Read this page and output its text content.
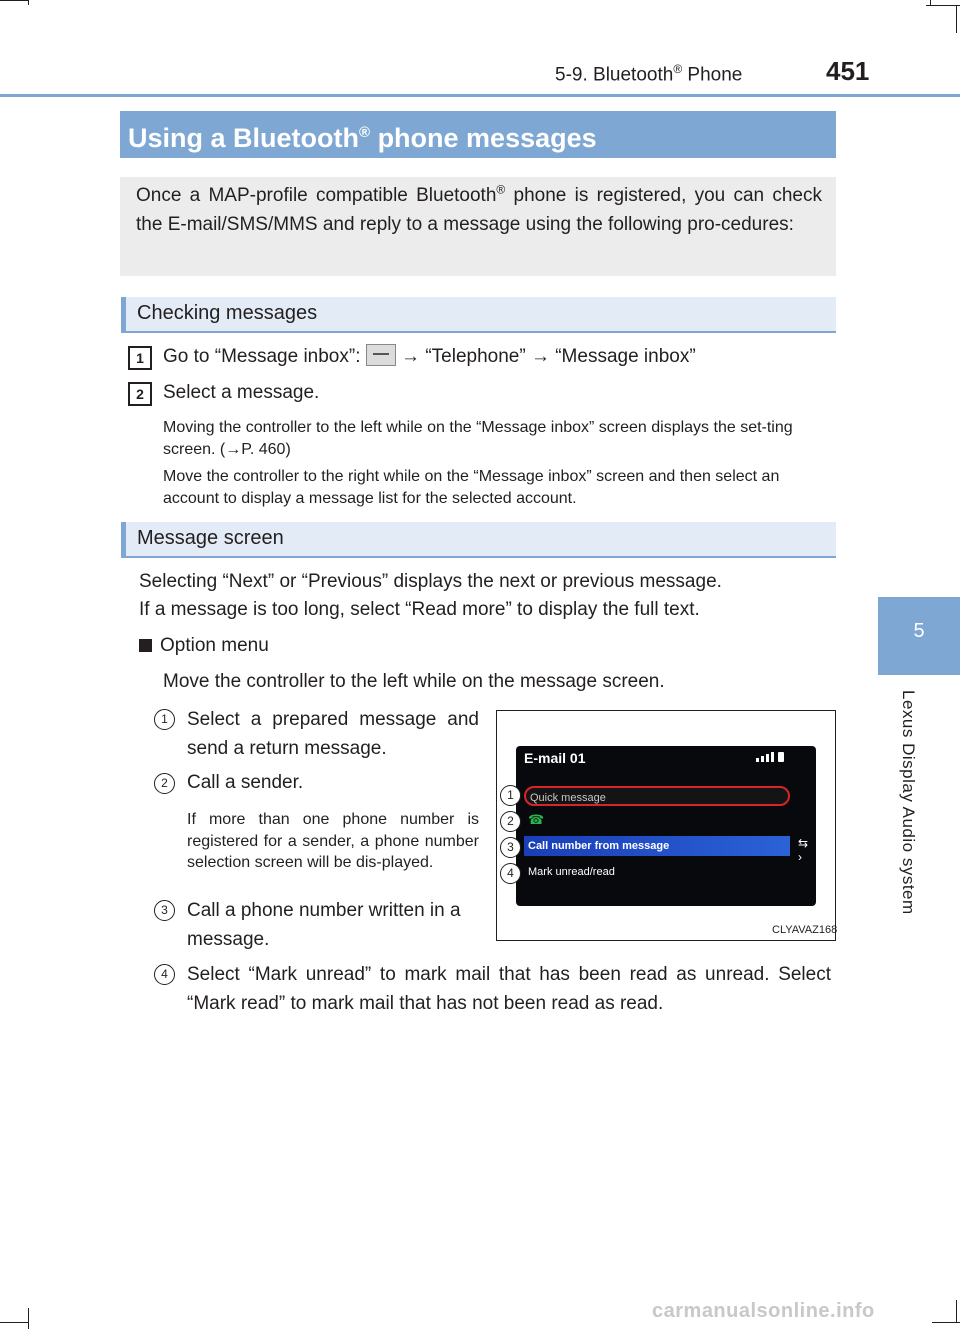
5-9. Bluetooth® Phone	451
5
Lexus Display Audio system
Using a Bluetooth® phone messages
Once a MAP-profile compatible Bluetooth® phone is registered, you can check the E-mail/SMS/MMS and reply to a message using the following pro-cedures:
Checking messages
1	Go to “Message inbox”:
→ “Telephone” → “Message inbox”
2	Select a message.
Moving the controller to the left while on the “Message inbox” screen displays the set-ting screen. (→P. 460)
Move the controller to the right while on the “Message inbox” screen and then select an account to display a message list for the selected account.
Message screen
Selecting “Next” or “Previous” displays the next or previous message.
If a message is too long, select “Read more” to display the full text.
Option menu
Move the controller to the left while on the message screen.
1	Select a prepared message and send a return message.
2	Call a sender.
If more than one phone number is registered for a sender, a phone number selection screen will be dis-played.
3	Call a phone number written in a message.
4	Select “Mark unread” to mark mail that has been read as unread. Select “Mark read” to mark mail that has not been read as read.
E-mail 01
Quick message
☎
Call number from message
Mark unread/read
⇆
›
1
2
3
4
CLYAVAZ168
carmanualsonline.info
